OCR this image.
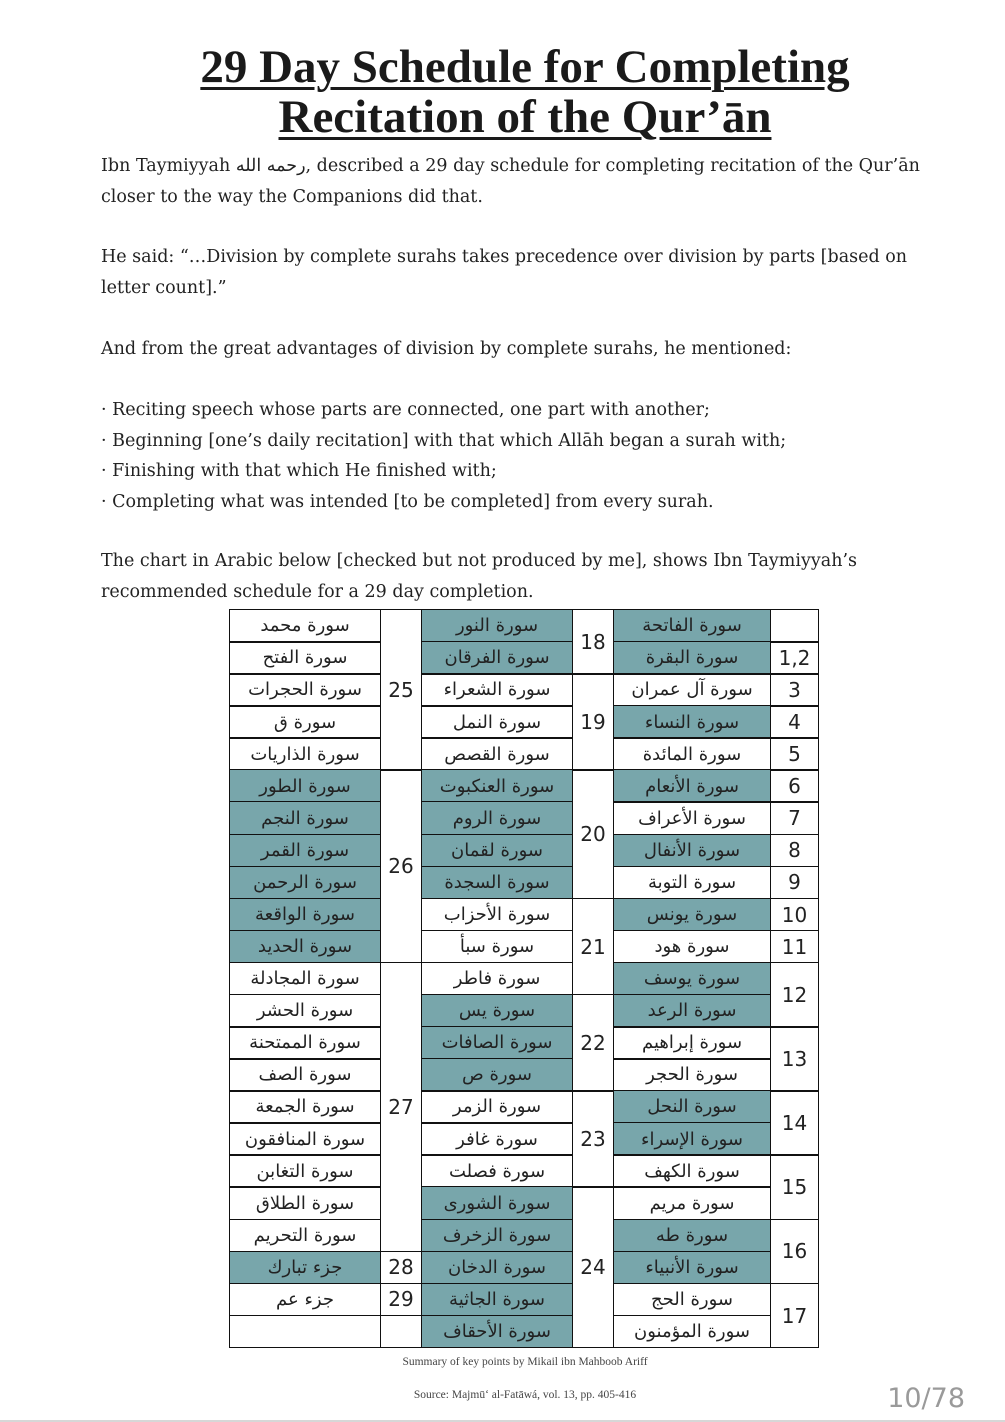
29 Day Schedule for Completing
Recitation of the Qur’ān

Ibn Taymiyyah رحمه الله, described a 29 day schedule for completing recitation of the Qur’ān closer to the way the Companions did that.

He said: “…Division by complete surahs takes precedence over division by parts [based on letter count].”

And from the great advantages of division by complete surahs, he mentioned:

· Reciting speech whose parts are connected, one part with another;

· Beginning [one’s daily recitation] with that which Allāh began a surah with;

· Finishing with that which He finished with;

· Completing what was intended [to be completed] from every surah.

The chart in Arabic below [checked but not produced by me], shows Ibn Taymiyyah’s recommended schedule for a 29 day completion.

سورة الفاتحة
سورة البقرة
سورة آل عمران
سورة النساء
سورة المائدة
سورة الأنعام
سورة الأعراف
سورة الأنفال
سورة التوبة
سورة يونس
سورة هود
سورة يوسف
سورة الرعد
سورة إبراهيم
سورة الحجر
سورة النحل
سورة الإسراء
سورة الكهف
سورة مريم
سورة طه
سورة الأنبياء
سورة الحج
سورة المؤمنون
1,2
3
4
5
6
7
8
9
10
11
12
13
14
15
16
17
سورة النور
سورة الفرقان
سورة الشعراء
سورة النمل
سورة القصص
سورة العنكبوت
سورة الروم
سورة لقمان
سورة السجدة
سورة الأحزاب
سورة سبأ
سورة فاطر
سورة يس
سورة الصافات
سورة ص
سورة الزمر
سورة غافر
سورة فصلت
سورة الشورى
سورة الزخرف
سورة الدخان
سورة الجاثية
سورة الأحقاف
18
19
20
21
22
23
24
سورة محمد
سورة الفتح
سورة الحجرات
سورة ق
سورة الذاريات
سورة الطور
سورة النجم
سورة القمر
سورة الرحمن
سورة الواقعة
سورة الحديد
سورة المجادلة
سورة الحشر
سورة الممتحنة
سورة الصف
سورة الجمعة
سورة المنافقون
سورة التغابن
سورة الطلاق
سورة التحريم
جزء تبارك
جزء عم
25
26
27
28
29
Summary of key points by Mikail ibn Mahboob Ariff
Source: Majmū‘ al-Fatāwá, vol. 13, pp. 405-416	10/78
